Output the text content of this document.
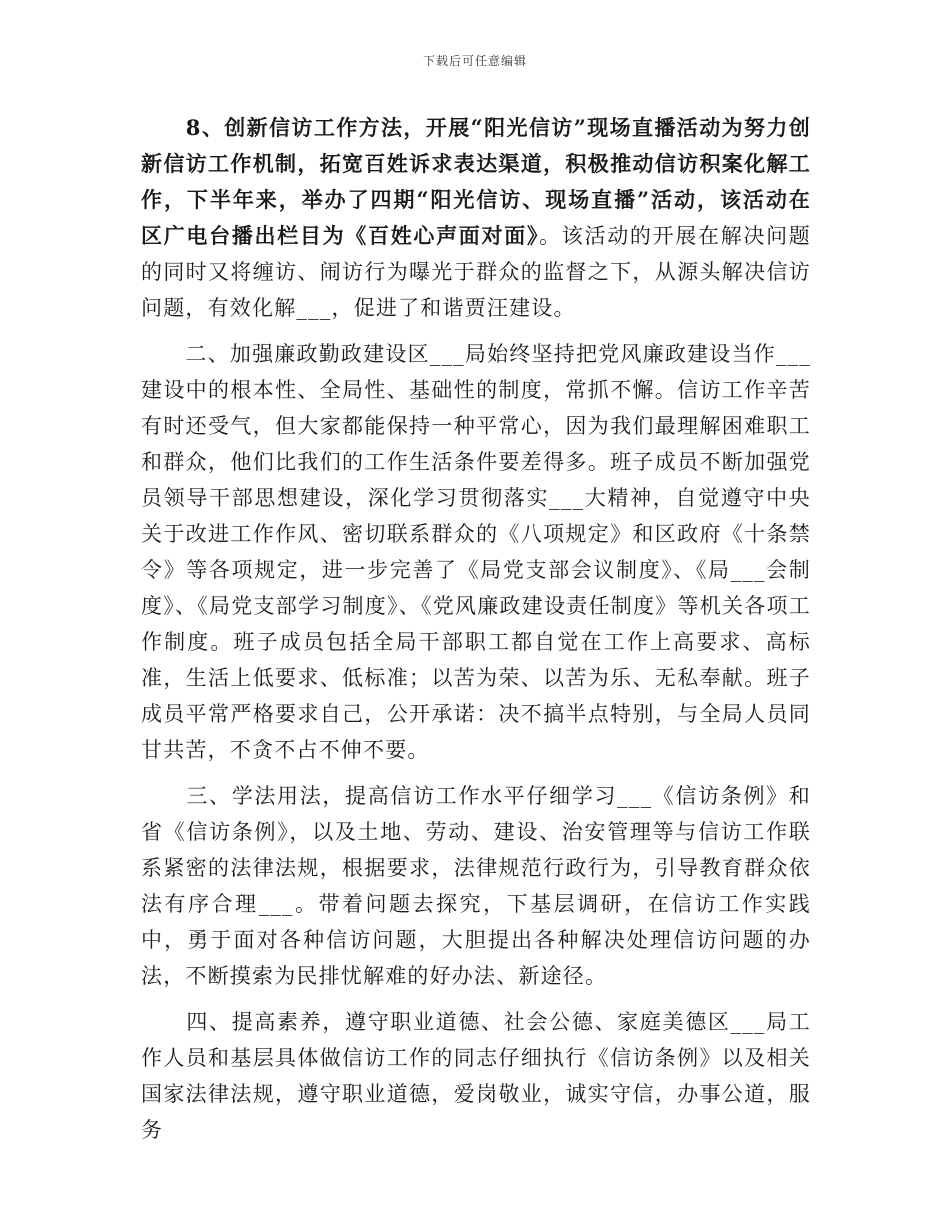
下载后可任意编辑

　　8、创新信访工作方法，开展“阳光信访”现场直播活动为努力创新信访工作机制，拓宽百姓诉求表达渠道，积极推动信访积案化解工作，下半年来，举办了四期“阳光信访、现场直播”活动，该活动在区广电台播出栏目为《百姓心声面对面》。该活动的开展在解决问题的同时又将缠访、闹访行为曝光于群众的监督之下，从源头解决信访问题，有效化解___，促进了和谐贾汪建设。

　　二、加强廉政勤政建设区___局始终坚持把党风廉政建设当作___建设中的根本性、全局性、基础性的制度，常抓不懈。信访工作辛苦有时还受气，但大家都能保持一种平常心，因为我们最理解困难职工和群众，他们比我们的工作生活条件要差得多。班子成员不断加强党员领导干部思想建设，深化学习贯彻落实___大精神，自觉遵守中央关于改进工作作风、密切联系群众的《八项规定》和区政府《十条禁令》等各项规定，进一步完善了《局党支部会议制度》、《局___会制度》、《局党支部学习制度》、《党风廉政建设责任制度》等机关各项工作制度。班子成员包括全局干部职工都自觉在工作上高要求、高标准，生活上低要求、低标准；以苦为荣、以苦为乐、无私奉献。班子成员平常严格要求自己，公开承诺：决不搞半点特别，与全局人员同甘共苦，不贪不占不伸不要。

　　三、学法用法，提高信访工作水平仔细学习___《信访条例》和省《信访条例》，以及土地、劳动、建设、治安管理等与信访工作联系紧密的法律法规，根据要求，法律规范行政行为，引导教育群众依法有序合理___。带着问题去探究，下基层调研，在信访工作实践中，勇于面对各种信访问题，大胆提出各种解决处理信访问题的办法，不断摸索为民排忧解难的好办法、新途径。

　　四、提高素养，遵守职业道德、社会公德、家庭美德区___局工作人员和基层具体做信访工作的同志仔细执行《信访条例》以及相关国家法律法规，遵守职业道德，爱岗敬业，诚实守信，办事公道，服务
